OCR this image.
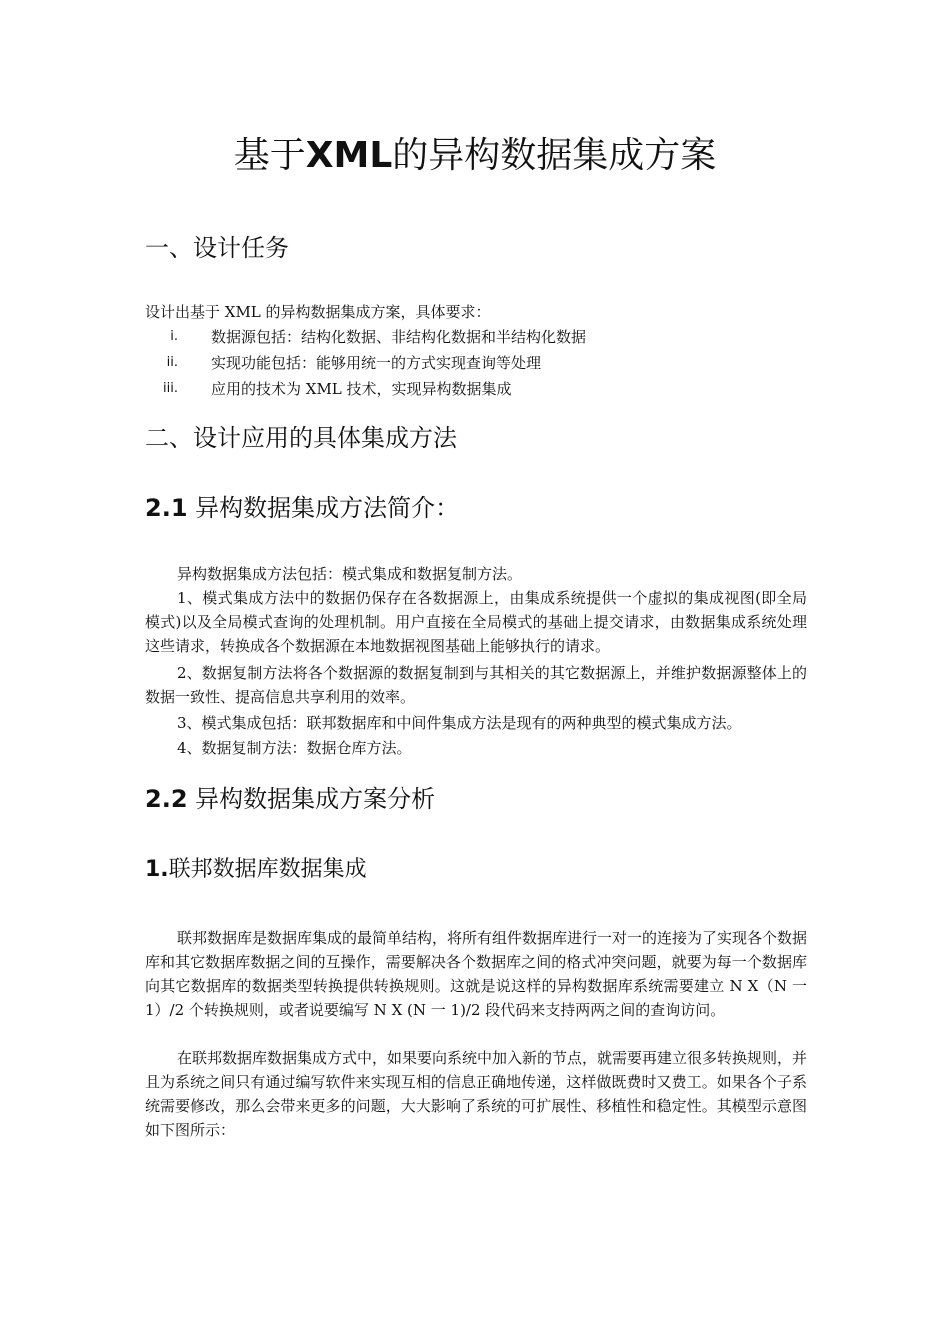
基于XML的异构数据集成方案
一、设计任务

设计出基于 XML 的异构数据集成方案，具体要求：

i. 数据源包括：结构化数据、非结构化数据和半结构化数据
ii. 实现功能包括：能够用统一的方式实现查询等处理
iii. 应用的技术为 XML 技术，实现异构数据集成
二、设计应用的具体集成方法
2.1 异构数据集成方法简介：

异构数据集成方法包括：模式集成和数据复制方法。

1、模式集成方法中的数据仍保存在各数据源上，由集成系统提供一个虚拟的集成视图(即全局模式)以及全局模式查询的处理机制。用户直接在全局模式的基础上提交请求，由数据集成系统处理这些请求，转换成各个数据源在本地数据视图基础上能够执行的请求。

2、数据复制方法将各个数据源的数据复制到与其相关的其它数据源上，并维护数据源整体上的数据一致性、提高信息共享利用的效率。

3、模式集成包括：联邦数据库和中间件集成方法是现有的两种典型的模式集成方法。

4、数据复制方法：数据仓库方法。

2.2 异构数据集成方案分析
1.联邦数据库数据集成

联邦数据库是数据库集成的最简单结构，将所有组件数据库进行一对一的连接为了实现各个数据库和其它数据库数据之间的互操作，需要解决各个数据库之间的格式冲突问题，就要为每一个数据库向其它数据库的数据类型转换提供转换规则。这就是说这样的异构数据库系统需要建立 N X（N 一 1）/2 个转换规则，或者说要编写 N X (N 一 1)/2 段代码来支持两两之间的查询访问。

在联邦数据库数据集成方式中，如果要向系统中加入新的节点，就需要再建立很多转换规则，并且为系统之间只有通过编写软件来实现互相的信息正确地传递，这样做既费时又费工。如果各个子系统需要修改，那么会带来更多的问题，大大影响了系统的可扩展性、移植性和稳定性。其模型示意图如下图所示：
